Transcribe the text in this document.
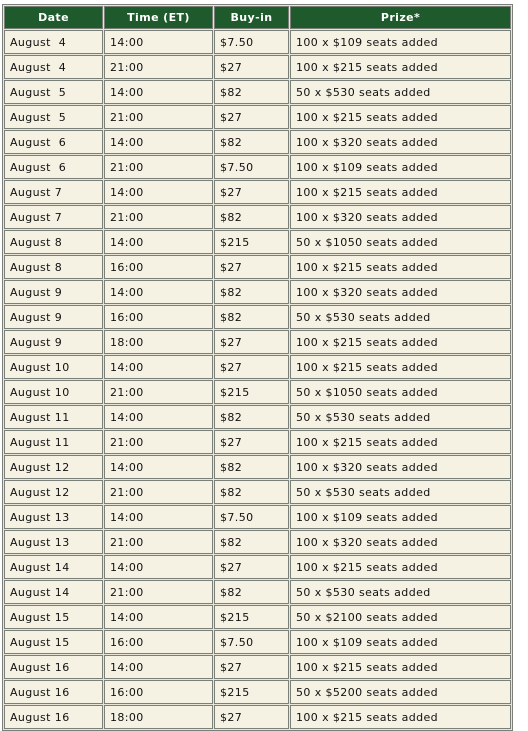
Date	Time (ET)	Buy-in	Prize*
August  4	14:00	$7.50	100 x $109 seats added
August  4	21:00	$27	100 x $215 seats added
August  5	14:00	$82	50 x $530 seats added
August  5	21:00	$27	100 x $215 seats added
August  6	14:00	$82	100 x $320 seats added
August  6	21:00	$7.50	100 x $109 seats added
August 7	14:00	$27	100 x $215 seats added
August 7	21:00	$82	100 x $320 seats added
August 8	14:00	$215	50 x $1050 seats added
August 8	16:00	$27	100 x $215 seats added
August 9	14:00	$82	100 x $320 seats added
August 9	16:00	$82	50 x $530 seats added
August 9	18:00	$27	100 x $215 seats added
August 10	14:00	$27	100 x $215 seats added
August 10	21:00	$215	50 x $1050 seats added
August 11	14:00	$82	50 x $530 seats added
August 11	21:00	$27	100 x $215 seats added
August 12	14:00	$82	100 x $320 seats added
August 12	21:00	$82	50 x $530 seats added
August 13	14:00	$7.50	100 x $109 seats added
August 13	21:00	$82	100 x $320 seats added
August 14	14:00	$27	100 x $215 seats added
August 14	21:00	$82	50 x $530 seats added
August 15	14:00	$215	50 x $2100 seats added
August 15	16:00	$7.50	100 x $109 seats added
August 16	14:00	$27	100 x $215 seats added
August 16	16:00	$215	50 x $5200 seats added
August 16	18:00	$27	100 x $215 seats added
